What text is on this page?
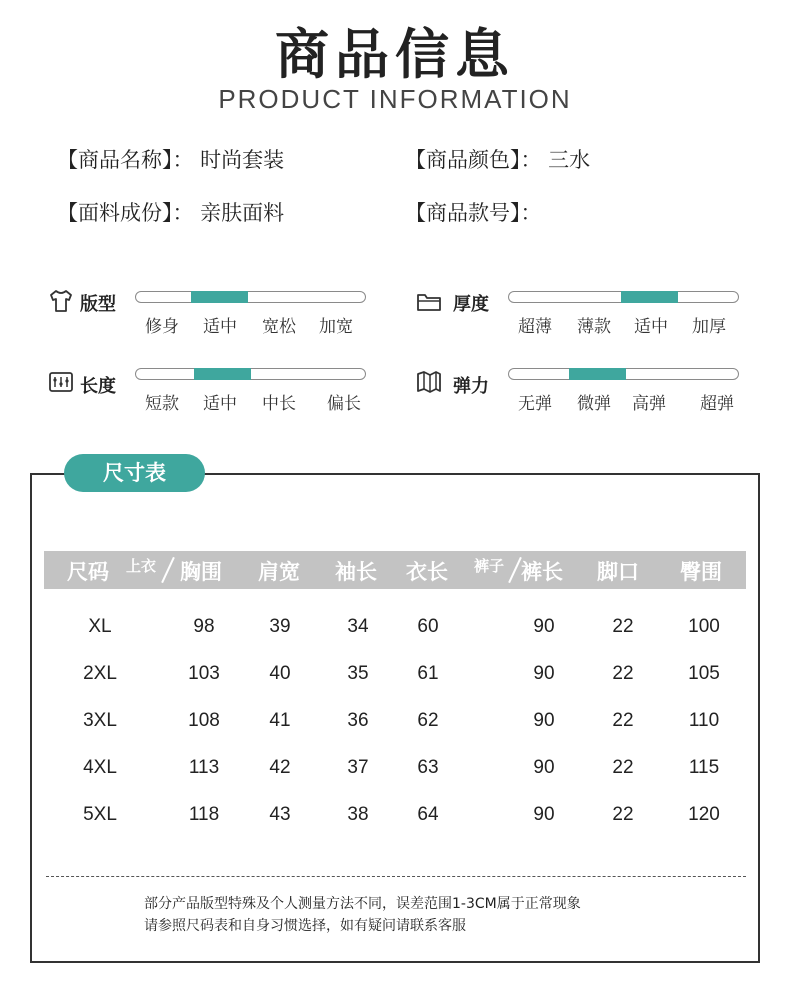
商品信息
PRODUCT INFORMATION
【商品名称】： 时尚套装	【商品颜色】： 三水
【面料成份】： 亲肤面料	【商品款号】：
版型
修身	适中	宽松	加宽
厚度
超薄	薄款	适中	加厚
长度
短款	适中	中长	偏长
弹力
无弹	微弹	高弹	超弹
尺寸表
尺码	上衣	胸围	肩宽	袖长	衣长	裤子 裤长	脚口	臀围
XL	98	39	34	60	90	22	100
2XL	103	40	35	61	90	22	105
3XL	108	41	36	62	90	22	110
4XL	113	42	37	63	90	22	115
5XL	118	43	38	64	90	22	120
部分产品版型特殊及个人测量方法不同，误差范围1-3CM属于正常现象
请参照尺码表和自身习惯选择，如有疑问请联系客服
